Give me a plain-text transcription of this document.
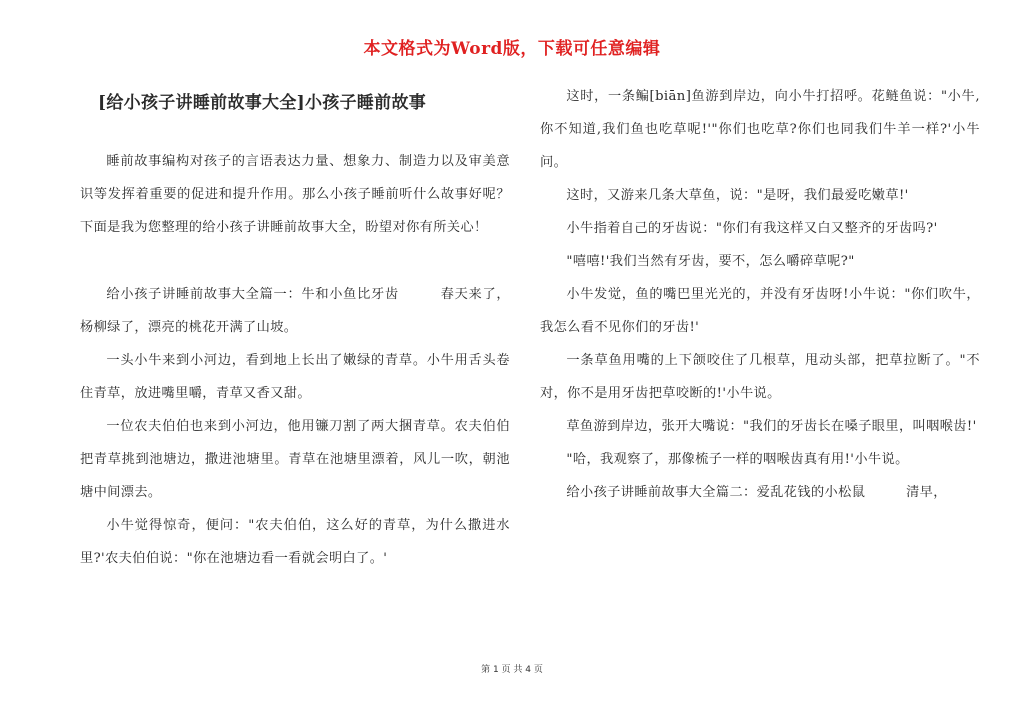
本文格式为Word版，下载可任意编辑
[给小孩子讲睡前故事大全]小孩子睡前故事

睡前故事编构对孩子的言语表达力量、想象力、制造力以及审美意识等发挥着重要的促进和提升作用。那么小孩子睡前听什么故事好呢？下面是我为您整理的给小孩子讲睡前故事大全，盼望对你有所关心！

给小孩子讲睡前故事大全篇一：牛和小鱼比牙齿　　　春天来了，杨柳绿了，漂亮的桃花开满了山坡。

一头小牛来到小河边，看到地上长出了嫩绿的青草。小牛用舌头卷住青草，放进嘴里嚼，青草又香又甜。

一位农夫伯伯也来到小河边，他用镰刀割了两大捆青草。农夫伯伯把青草挑到池塘边，撒进池塘里。青草在池塘里漂着，风儿一吹，朝池塘中间漂去。

小牛觉得惊奇，便问："农夫伯伯，这么好的青草，为什么撒进水里?'农夫伯伯说："你在池塘边看一看就会明白了。'

这时，一条鳊[biān]鱼游到岸边，向小牛打招呼。花鲢鱼说："小牛,你不知道,我们鱼也吃草呢!'"你们也吃草?你们也同我们牛羊一样?'小牛问。

这时，又游来几条大草鱼，说："是呀，我们最爱吃嫩草!'

小牛指着自己的牙齿说："你们有我这样又白又整齐的牙齿吗?'

"嘻嘻!'我们当然有牙齿，要不，怎么嚼碎草呢?"

小牛发觉，鱼的嘴巴里光光的，并没有牙齿呀!小牛说："你们吹牛，我怎么看不见你们的牙齿!'

一条草鱼用嘴的上下颌咬住了几根草，甩动头部，把草拉断了。"不对，你不是用牙齿把草咬断的!'小牛说。

草鱼游到岸边，张开大嘴说："我们的牙齿长在嗓子眼里，叫咽喉齿!'

"哈，我观察了，那像梳子一样的咽喉齿真有用!'小牛说。

给小孩子讲睡前故事大全篇二：爱乱花钱的小松鼠　　　清早，

第 1 页 共 4 页
